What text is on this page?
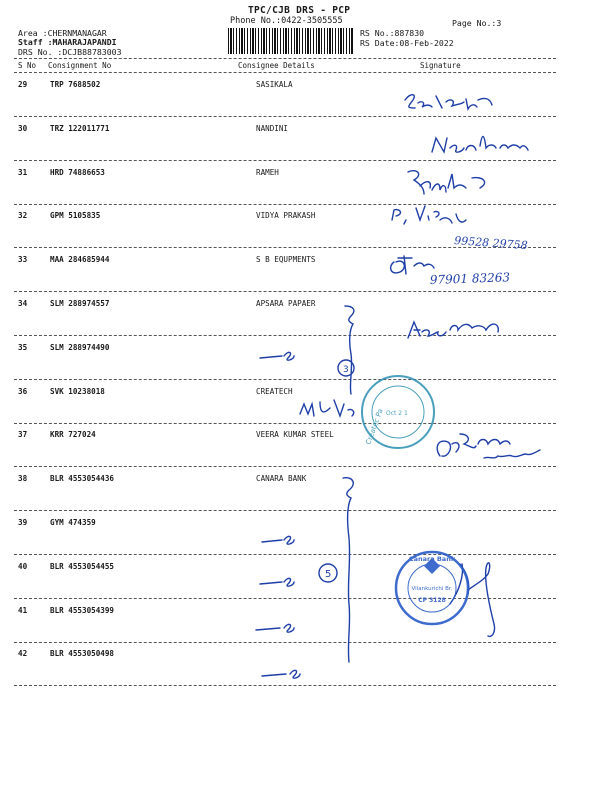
TPC/CJB DRS - PCP
Phone No.:0422-3505555
Area :CHERNMANAGAR
Staff :MAHARAJAPANDI
DRS No. :DCJB88783003
RS No.:887830
RS Date:08-Feb-2022
Page No.:3
S No Consignment No	Consignee Details	Signature
29	TRP 7688502	SASIKALA
30	TRZ 122011771	NANDINI
31	HRD 74886653	RAMEH
32	GPM 5105835	VIDYA PRAKASH
33	MAA 284685944	S B EQUPMENTS
34	SLM 288974557	APSARA PAPAER
35	SLM 288974490
36	SVK 10238018	CREATECH
37	KRR 727024	VEERA KUMAR STEEL
38	BLR 4553054436	CANARA BANK
39	GYM 474359
40	BLR 4553054455
41	BLR 4553054399
42	BLR 4553050498
99528 29758
97901 83263
3
5
Createc Pa Oct 2 1
Canara Bank
Vilankurichi Br.
CP 3128
